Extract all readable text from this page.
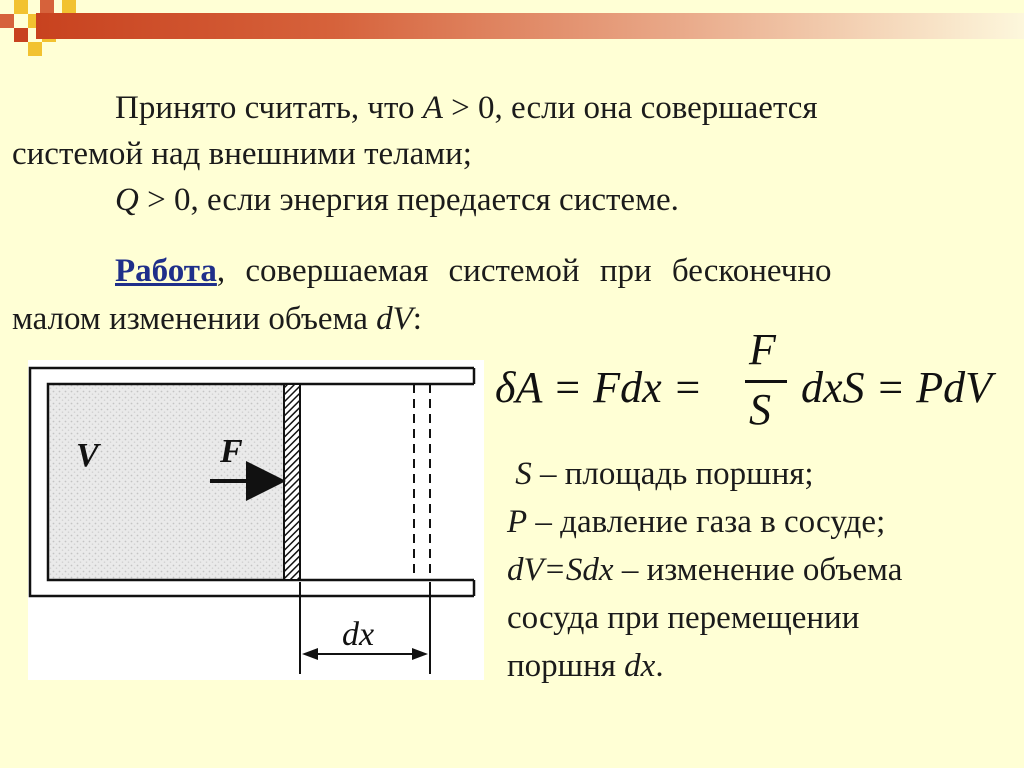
Принято считать, что A > 0, если она совершается

системой над внешними телами;

Q > 0, если энергия передается системе.

Работа, совершаемая системой при бесконечно

малом изменении объема dV:

δA = Fdx =
F
S dxS = PdV
S – площадь поршня;
P – давление газа в сосуде;
dV=Sdx – изменение объема
сосуда при перемещении
поршня dx.
V	F
dx
